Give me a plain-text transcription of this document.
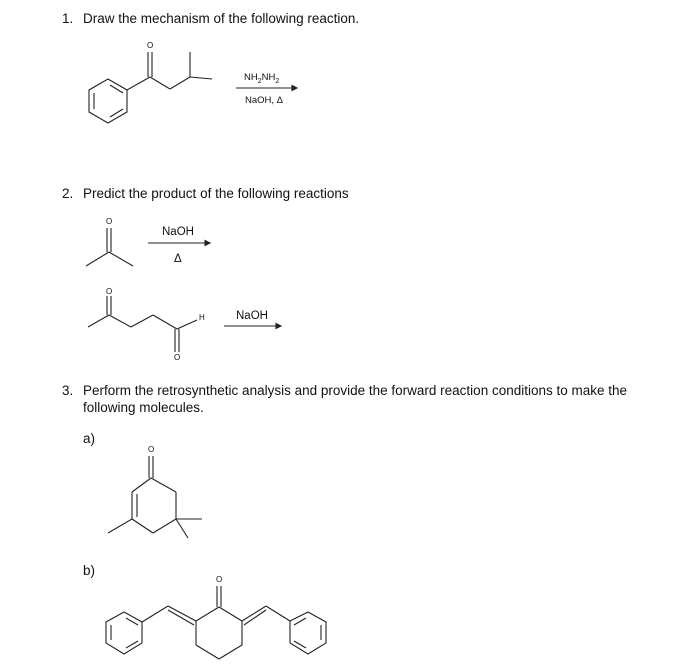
1. Draw the mechanism of the following reaction.
O
O
O
O
O
O
$NH_2NH_2$
NaOH, Δ
2. Predict the product of the following reactions
NaOH
Δ
H	NaOH
3. Perform the retrosynthetic analysis and provide the forward reaction conditions to make the
following molecules.
a)
b)
